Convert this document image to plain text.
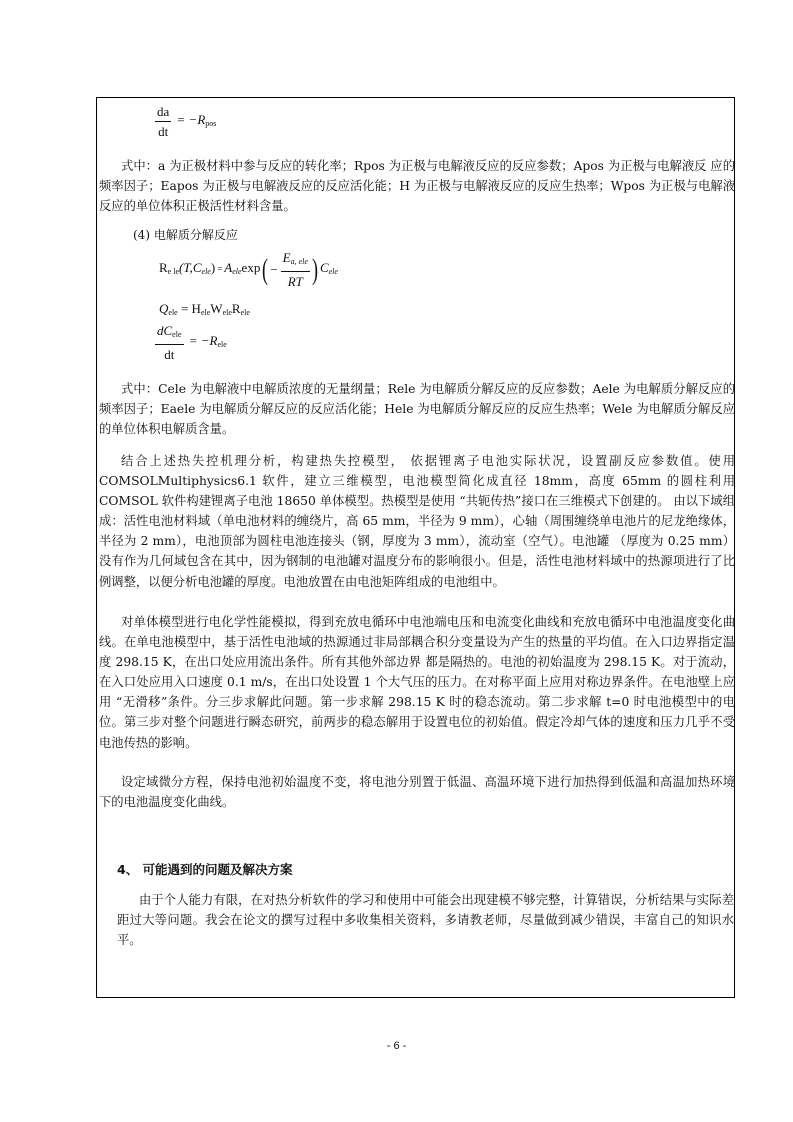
$\frac{da}{dt} = -R_{pos}$
式中：a 为正极材料中参与反应的转化率；Rpos 为正极与电解液反应的反应参数；Apos 为正极与电解液反 应的频率因子；Eapos 为正极与电解液反应的反应活化能；H 为正极与电解液反应的反应生热率；Wpos 为正极与电解液反应的单位体积正极活性材料含量。
(4) 电解质分解反应
$R_{e le}(T,C_{ele}) = A_{ele}\exp$ ( − $\frac{E_{a, ele}}{RT}$ ) $C_{ele}$
$Q_{ele} = H_{ele}W_{ele}R_{ele}$
$\frac{dC_{ele}}{dt} = -R_{ele}$
式中：Cele 为电解液中电解质浓度的无量纲量；Rele 为电解质分解反应的反应参数；Aele 为电解质分解反应的频率因子；Eaele 为电解质分解反应的反应活化能；Hele 为电解质分解反应的反应生热率；Wele 为电解质分解反应的单位体积电解质含量。
结合上述热失控机理分析，构建热失控模型， 依据锂离子电池实际状况，设置副反应参数值。使用 COMSOLMultiphysics6.1 软件，建立三维模型，电池模型简化成直径 18mm，高度 65mm 的圆柱利用 COMSOL 软件构建锂离子电池 18650 单体模型。热模型是使用 “共轭传热”接口在三维模式下创建的。 由以下域组成：活性电池材料域（单电池材料的缠绕片，高 65 mm，半径为 9 mm），心轴（周围缠绕单电池片的尼龙绝缘体，半径为 2 mm），电池顶部为圆柱电池连接头（钢，厚度为 3 mm），流动室（空气）。电池罐 （厚度为 0.25 mm）没有作为几何域包含在其中，因为钢制的电池罐对温度分布的影响很小。但是，活性电池材料域中的热源项进行了比例调整，以便分析电池罐的厚度。电池放置在由电池矩阵组成的电池组中。
对单体模型进行电化学性能模拟，得到充放电循环中电池端电压和电流变化曲线和充放电循环中电池温度变化曲线。在单电池模型中，基于活性电池域的热源通过非局部耦合积分变量设为产生的热量的平均值。在入口边界指定温度 298.15 K，在出口处应用流出条件。所有其他外部边界 都是隔热的。电池的初始温度为 298.15 K。对于流动，在入口处应用入口速度 0.1 m/s，在出口处设置 1 个大气压的压力。在对称平面上应用对称边界条件。在电池壁上应用 “无滑移”条件。分三步求解此问题。第一步求解 298.15 K 时的稳态流动。第二步求解 t=0 时电池模型中的电位。第三步对整个问题进行瞬态研究，前两步的稳态解用于设置电位的初始值。假定冷却气体的速度和压力几乎不受电池传热的影响。
设定域微分方程，保持电池初始温度不变，将电池分别置于低温、高温环境下进行加热得到低温和高温加热环境下的电池温度变化曲线。
4、 可能遇到的问题及解决方案
由于个人能力有限，在对热分析软件的学习和使用中可能会出现建模不够完整，计算错误，分析结果与实际差距过大等问题。我会在论文的撰写过程中多收集相关资料，多请教老师，尽量做到减少错误，丰富自己的知识水平。
- 6 -
